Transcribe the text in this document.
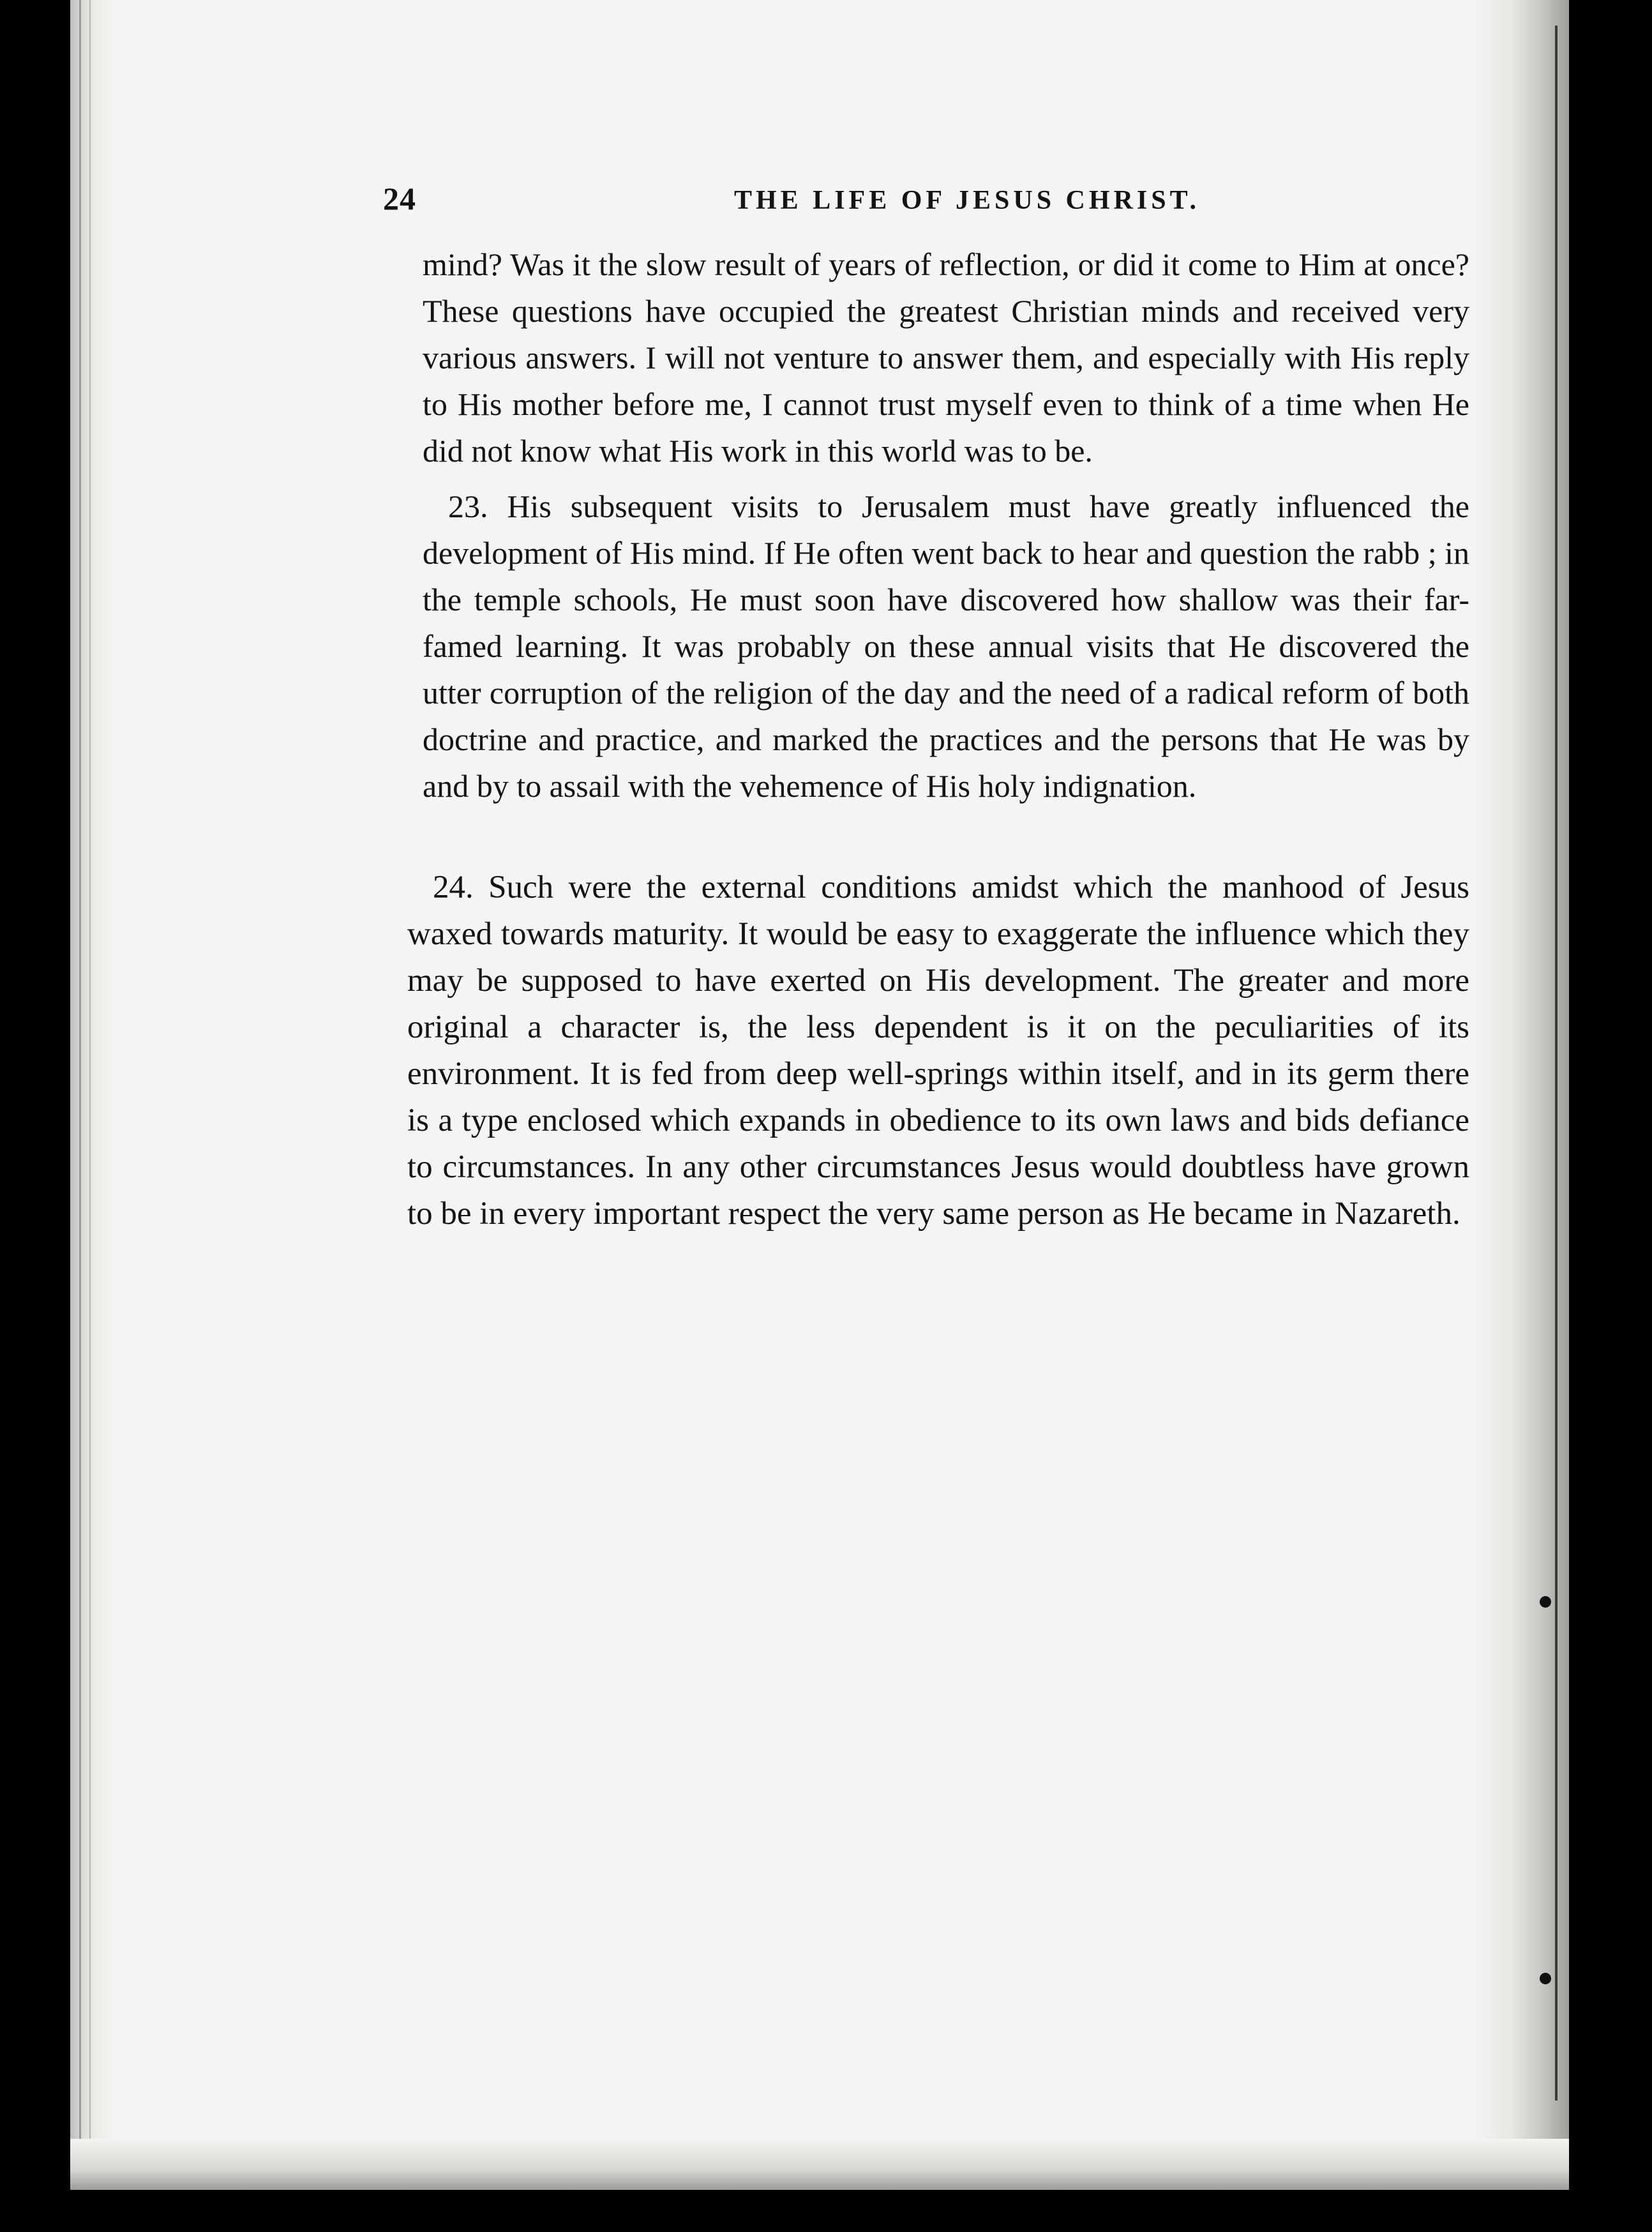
24	THE LIFE OF JESUS CHRIST.

mind? Was it the slow result of years of reflection, or did it come to Him at once? These questions have occupied the greatest Christian minds and received very various answers. I will not venture to answer them, and especially with His reply to His mother before me, I cannot trust myself even to think of a time when He did not know what His work in this world was to be.

23. His subsequent visits to Jerusalem must have greatly influenced the development of His mind. If He often went back to hear and question the rabb ; in the temple schools, He must soon have discovered how shallow was their far-famed learning. It was probably on these annual visits that He discovered the utter corruption of the religion of the day and the need of a radical reform of both doctrine and practice, and marked the practices and the persons that He was by and by to assail with the vehemence of His holy indignation.

24. Such were the external conditions amidst which the manhood of Jesus waxed towards maturity. It would be easy to exaggerate the influence which they may be supposed to have exerted on His development. The greater and more original a character is, the less dependent is it on the peculiarities of its environment. It is fed from deep well-springs within itself, and in its germ there is a type enclosed which expands in obedience to its own laws and bids defiance to circumstances. In any other circumstances Jesus would doubtless have grown to be in every important respect the very same person as He became in Nazareth.
